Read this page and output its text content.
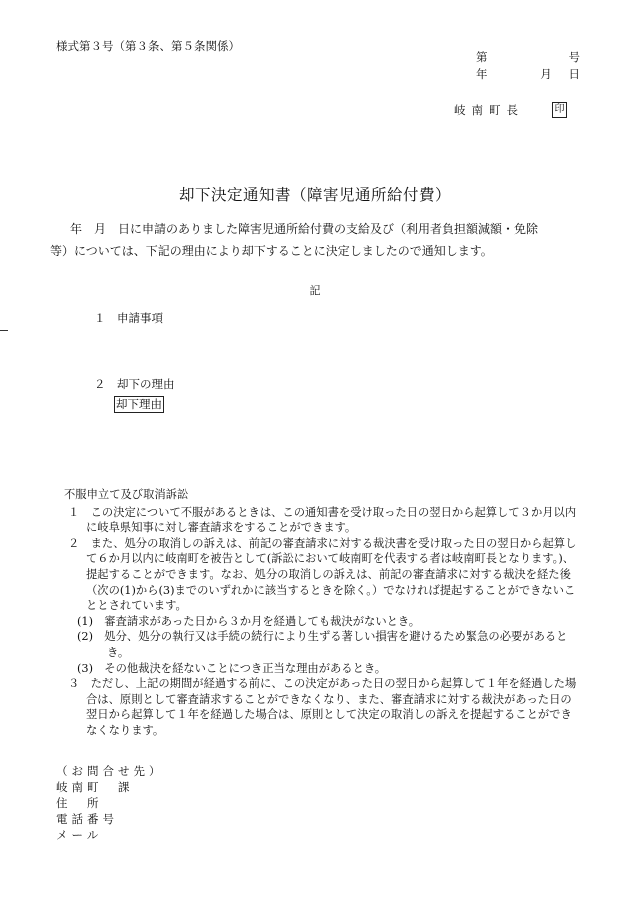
様式第３号（第３条、第５条関係）
第	号
年	月 日
岐南町長	印
却下決定通知書（障害児通所給付費）

年　月　日に申請のありました障害児通所給付費の支給及び（利用者負担額減額・免除

等）については、下記の理由により却下することに決定しましたので通知します。

記
１　申請事項
２　却下の理由
却下理由

不服申立て及び取消訴訟

１　この決定について不服があるときは、この通知書を受け取った日の翌日から起算して３か月以内に岐阜県知事に対し審査請求をすることができます。

２　また、処分の取消しの訴えは、前記の審査請求に対する裁決書を受け取った日の翌日から起算して６か月以内に岐南町を被告として(訴訟において岐南町を代表する者は岐南町長となります。)、提起することができます。なお、処分の取消しの訴えは、前記の審査請求に対する裁決を経た後（次の(1)から(3)までのいずれかに該当するときを除く。）でなければ提起することができないこととされています。

(1)　審査請求があった日から３か月を経過しても裁決がないとき。

(2)　処分、処分の執行又は手続の続行により生ずる著しい損害を避けるため緊急の必要があるとき。

(3)　その他裁決を経ないことにつき正当な理由があるとき。

３　ただし、上記の期間が経過する前に、この決定があった日の翌日から起算して１年を経過した場合は、原則として審査請求することができなくなり、また、審査請求に対する裁決があった日の翌日から起算して１年を経過した場合は、原則として決定の取消しの訴えを提起することができなくなります。

（お問合せ先）
岐南町　課
住　所
電話番号
メール
